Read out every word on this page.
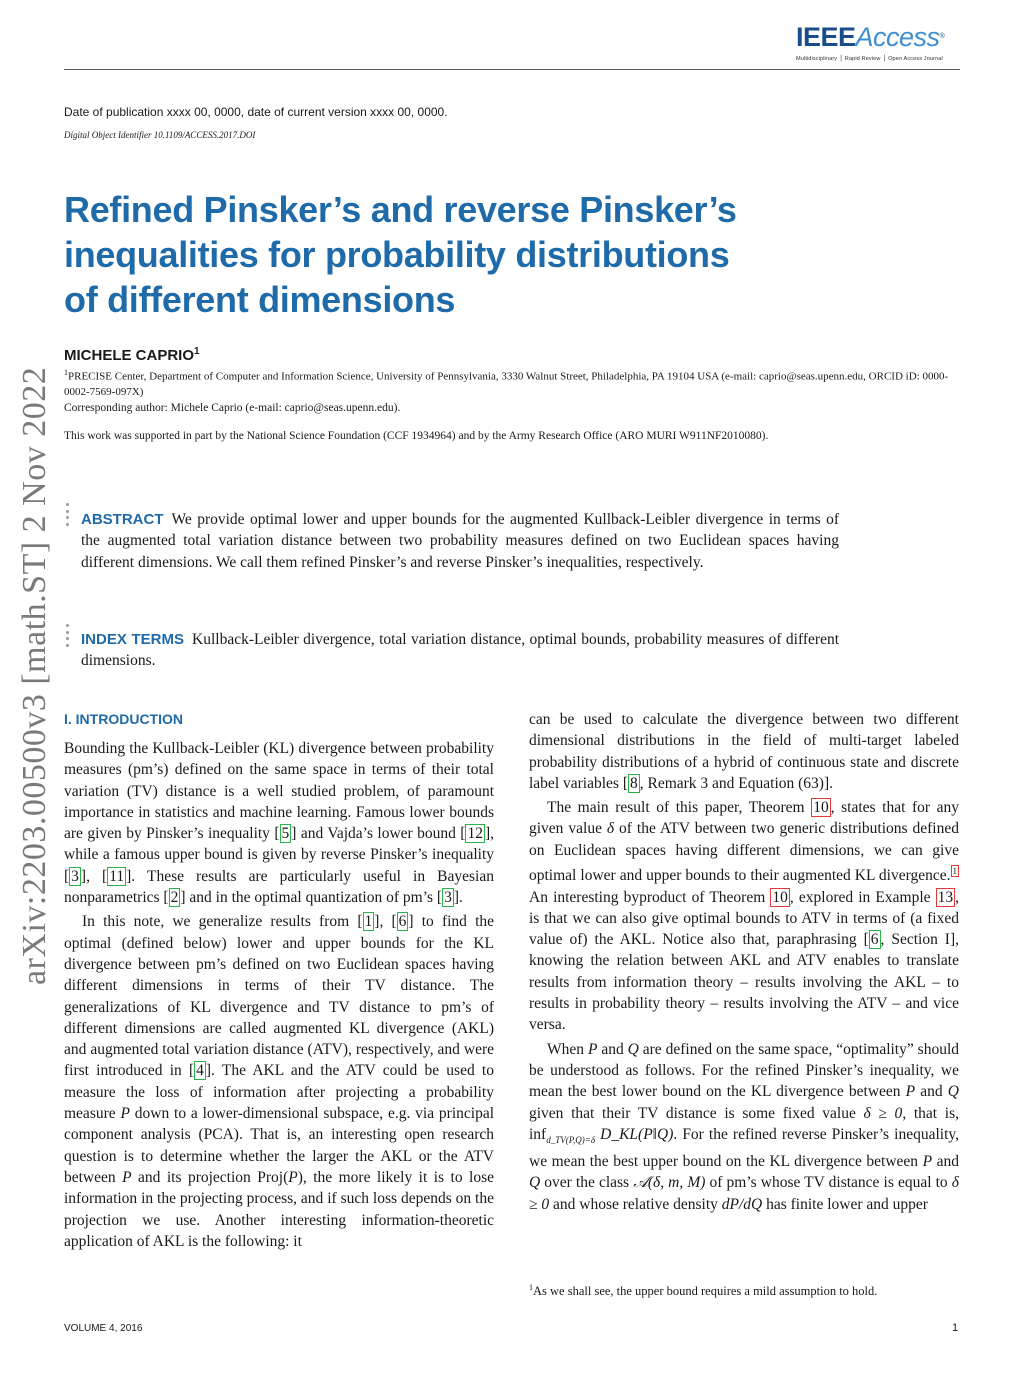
IEEEAccess®
Multidisciplinary ⎪ Rapid Review ⎪ Open Access Journal
Date of publication xxxx 00, 0000, date of current version xxxx 00, 0000.
Digital Object Identifier 10.1109/ACCESS.2017.DOI
Refined Pinsker’s and reverse Pinsker’s
inequalities for probability distributions
of different dimensions
MICHELE CAPRIO$^1$
$^1$PRECISE Center, Department of Computer and Information Science, University of Pennsylvania, 3330 Walnut Street, Philadelphia, PA 19104 USA (e-mail: caprio@seas.upenn.edu, ORCID iD: 0000-0002-7569-097X)
Corresponding author: Michele Caprio (e-mail: caprio@seas.upenn.edu).
This work was supported in part by the National Science Foundation (CCF 1934964) and by the Army Research Office (ARO MURI W911NF2010080).
arXiv:2203.00500v3 [math.ST] 2 Nov 2022 ABSTRACT We provide optimal lower and upper bounds for the augmented Kullback-Leibler divergence in terms of the augmented total variation distance between two probability measures defined on two Euclidean spaces having different dimensions. We call them refined Pinsker’s and reverse Pinsker’s inequalities, respectively.
INDEX TERMS Kullback-Leibler divergence, total variation distance, optimal bounds, probability measures of different dimensions.
I. INTRODUCTION

Bounding the Kullback-Leibler (KL) divergence between probability measures (pm’s) defined on the same space in terms of their total variation (TV) distance is a well studied problem, of paramount importance in statistics and machine learning. Famous lower bounds are given by Pinsker’s inequality [ 5 ] and Vajda’s lower bound [ 12 ], while a famous upper bound is given by reverse Pinsker’s inequality [ 3 ], [ 11 ]. These results are particularly useful in Bayesian nonparametrics [ 2 ] and in the optimal quantization of pm’s [ 3 ].

In this note, we generalize results from [ 1 ], [ 6 ] to find the optimal (defined below) lower and upper bounds for the KL divergence between pm’s defined on two Euclidean spaces having different dimensions in terms of their TV distance. The generalizations of KL divergence and TV distance to pm’s of different dimensions are called augmented KL divergence (AKL) and augmented total variation distance (ATV), respectively, and were first introduced in [ 4 ]. The AKL and the ATV could be used to measure the loss of information after projecting a probability measure P down to a lower-dimensional subspace, e.g. via principal component analysis (PCA). That is, an interesting open research question is to determine whether the larger the AKL or the ATV between P and its projection Proj(P), the more likely it is to lose information in the projecting process, and if such loss depends on the projection we use. Another interesting information-theoretic application of AKL is the following: it

can be used to calculate the divergence between two different dimensional distributions in the field of multi-target labeled probability distributions of a hybrid of continuous state and discrete label variables [ 8 , Remark 3 and Equation (63)].

The main result of this paper, Theorem 10 , states that for any given value δ of the ATV between two generic distributions defined on Euclidean spaces having different dimensions, we can give optimal lower and upper bounds to their augmented KL divergence. $^1$ An interesting byproduct of Theorem 10 , explored in Example 13 , is that we can also give optimal bounds to ATV in terms of (a fixed value of) the AKL. Notice also that, paraphrasing [ 6 , Section I], knowing the relation between AKL and ATV enables to translate results from information theory – results involving the AKL – to results in probability theory – results involving the ATV – and vice versa.

When P and Q are defined on the same space, “optimality” should be understood as follows. For the refined Pinsker’s inequality, we mean the best lower bound on the KL divergence between P and Q given that their TV distance is some fixed value δ ≥ 0, that is, inf$_{d\_TV(P,Q)=\delta}$ D_KL(P‖Q). For the refined reverse Pinsker’s inequality, we mean the best upper bound on the KL divergence between P and Q over the class 𝒜(δ, m, M) of pm’s whose TV distance is equal to δ ≥ 0 and whose relative density dP/dQ has finite lower and upper

$^1$As we shall see, the upper bound requires a mild assumption to hold.
VOLUME 4, 2016	1
